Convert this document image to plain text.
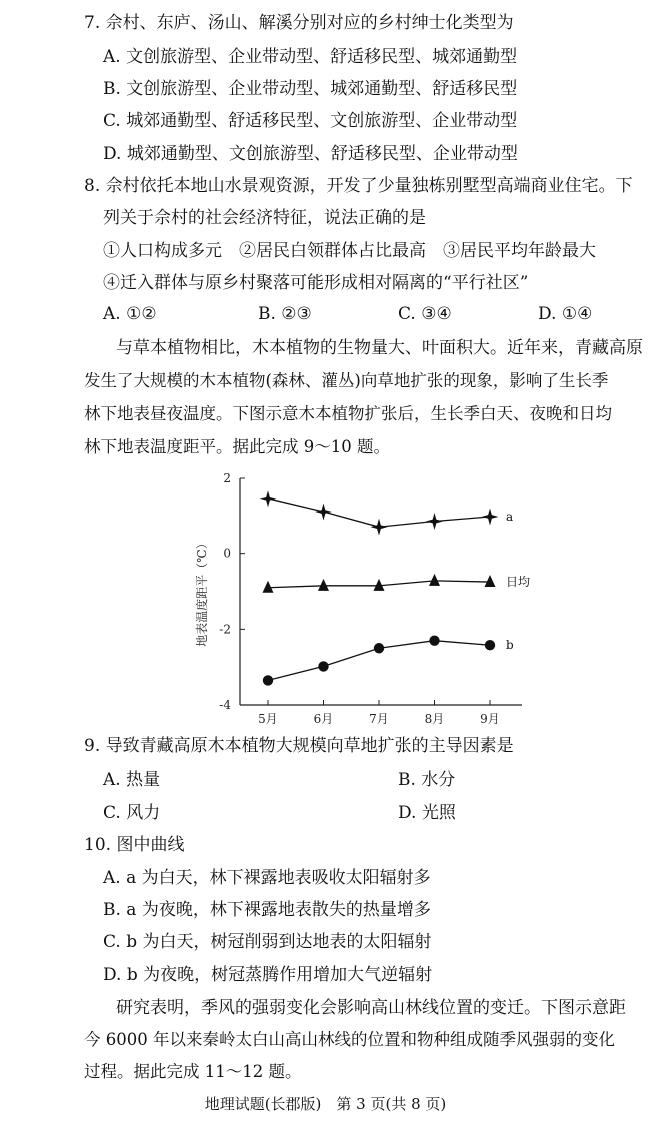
7. 佘村、东庐、汤山、解溪分别对应的乡村绅士化类型为
A. 文创旅游型、企业带动型、舒适移民型、城郊通勤型
B. 文创旅游型、企业带动型、城郊通勤型、舒适移民型
C. 城郊通勤型、舒适移民型、文创旅游型、企业带动型
D. 城郊通勤型、文创旅游型、舒适移民型、企业带动型
8. 佘村依托本地山水景观资源，开发了少量独栋别墅型高端商业住宅。下
列关于佘村的社会经济特征，说法正确的是
①人口构成多元　②居民白领群体占比最高　③居民平均年龄最大
④迁入群体与原乡村聚落可能形成相对隔离的“平行社区”
A. ①②	B. ②③	C. ③④	D. ①④
与草本植物相比，木本植物的生物量大、叶面积大。近年来，青藏高原
发生了大规模的木本植物(森林、灌丛)向草地扩张的现象，影响了生长季
林下地表昼夜温度。下图示意木本植物扩张后，生长季白天、夜晚和日均
林下地表温度距平。据此完成 9～10 题。
地表温度距平（℃）
2
0
-2
-4
5月	6月	7月	8月	9月
a
日均
b
9. 导致青藏高原木本植物大规模向草地扩张的主导因素是
A. 热量	B. 水分
C. 风力	D. 光照
10. 图中曲线
A. a 为白天，林下裸露地表吸收太阳辐射多
B. a 为夜晚，林下裸露地表散失的热量增多
C. b 为白天，树冠削弱到达地表的太阳辐射
D. b 为夜晚，树冠蒸腾作用增加大气逆辐射
研究表明，季风的强弱变化会影响高山林线位置的变迁。下图示意距
今 6000 年以来秦岭太白山高山林线的位置和物种组成随季风强弱的变化
过程。据此完成 11～12 题。
地理试题(长郡版)　第 3 页(共 8 页)
